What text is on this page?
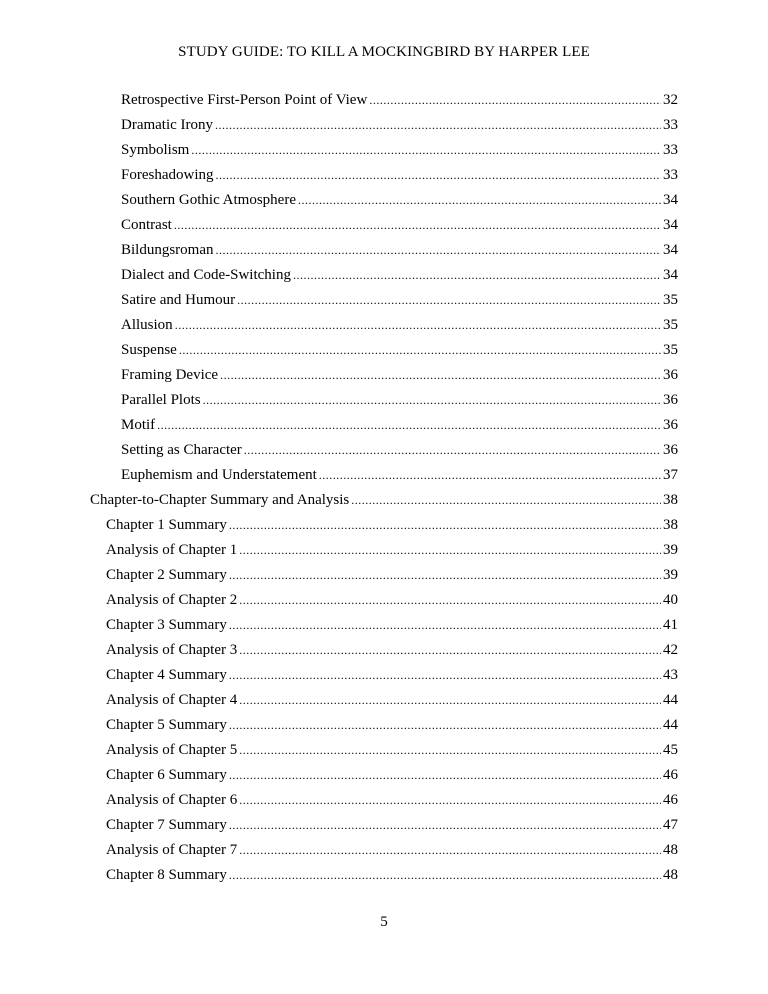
STUDY GUIDE: TO KILL A MOCKINGBIRD BY HARPER LEE
Retrospective First-Person Point of View .....	32
Dramatic Irony .....	33
Symbolism .....	33
Foreshadowing .....	33
Southern Gothic Atmosphere .....	34
Contrast .....	34
Bildungsroman .....	34
Dialect and Code-Switching .....	34
Satire and Humour .....	35
Allusion .....	35
Suspense .....	35
Framing Device .....	36
Parallel Plots .....	36
Motif .....	36
Setting as Character .....	36
Euphemism and Understatement .....	37
Chapter-to-Chapter Summary and Analysis .....	38
Chapter 1 Summary .....	38
Analysis of Chapter 1 .....	39
Chapter 2 Summary .....	39
Analysis of Chapter 2 .....	40
Chapter 3 Summary .....	41
Analysis of Chapter 3 .....	42
Chapter 4 Summary .....	43
Analysis of Chapter 4 .....	44
Chapter 5 Summary .....	44
Analysis of Chapter 5 .....	45
Chapter 6 Summary .....	46
Analysis of Chapter 6 .....	46
Chapter 7 Summary .....	47
Analysis of Chapter 7 .....	48
Chapter 8 Summary .....	48
5
